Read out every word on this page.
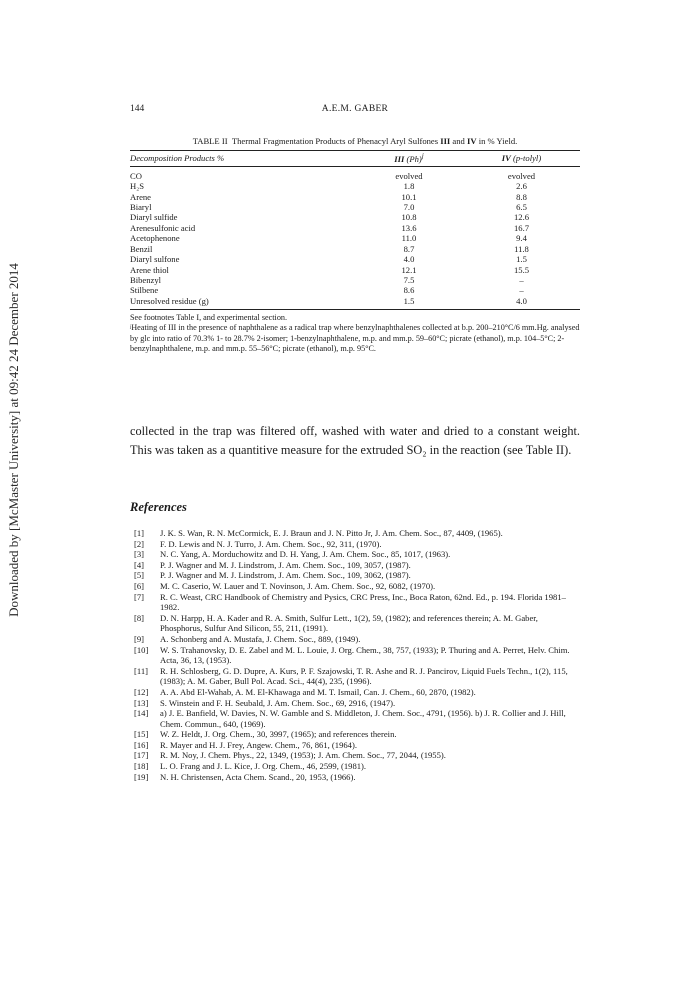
Downloaded by [McMaster University] at 09:42 24 December 2014
144	A.E.M. GABER
TABLE II Thermal Fragmentation Products of Phenacyl Aryl Sulfones III and IV in % Yield.
Decomposition Products %	III $(Ph)^j$	IV (p-tolyl)
CO	evolved	evolved
H₂S	1.8	2.6
Arene	10.1	8.8
Biaryl	7.0	6.5
Diaryl sulfide	10.8	12.6
Arenesulfonic acid	13.6	16.7
Acetophenone	11.0	9.4
Benzil	8.7	11.8
Diaryl sulfone	4.0	1.5
Arene thiol	12.1	15.5
Bibenzyl	7.5	–
Stilbene	8.6	–
Unresolved residue (g)	1.5	4.0

See footnotes Table I, and experimental section.

ʲHeating of III in the presence of naphthalene as a radical trap where benzylnaphthalenes collected at b.p. 200–210°C/6 mm.Hg. analysed by glc into ratio of 70.3% 1- to 28.7% 2-isomer; 1-benzylnaphthalene, m.p. and mm.p. 59–60°C; picrate (ethanol), m.p. 104–5°C; 2-benzylnaphthalene, m.p. and mm.p. 55–56°C; picrate (ethanol), m.p. 95°C.

collected in the trap was filtered off, washed with water and dried to a constant weight. This was taken as a quantitive measure for the extruded SO₂ in the reaction (see Table II).

References
[1] J. K. S. Wan, R. N. McCormick, E. J. Braun and J. N. Pitto Jr, J. Am. Chem. Soc., 87, 4409, (1965).
[2] F. D. Lewis and N. J. Turro, J. Am. Chem. Soc., 92, 311, (1970).
[3] N. C. Yang, A. Morduchowitz and D. H. Yang, J. Am. Chem. Soc., 85, 1017, (1963).
[4] P. J. Wagner and M. J. Lindstrom, J. Am. Chem. Soc., 109, 3057, (1987).
[5] P. J. Wagner and M. J. Lindstrom, J. Am. Chem. Soc., 109, 3062, (1987).
[6] M. C. Caserio, W. Lauer and T. Novinson, J. Am. Chem. Soc., 92, 6082, (1970).
[7] R. C. Weast, CRC Handbook of Chemistry and Pysics, CRC Press, Inc., Boca Raton, 62nd. Ed., p. 194. Florida 1981–1982.
[8] D. N. Harpp, H. A. Kader and R. A. Smith, Sulfur Lett., 1(2), 59, (1982); and references therein; A. M. Gaber, Phosphorus, Sulfur And Silicon, 55, 211, (1991).
[9] A. Schonberg and A. Mustafa, J. Chem. Soc., 889, (1949).
[10] W. S. Trahanovsky, D. E. Zabel and M. L. Louie, J. Org. Chem., 38, 757, (1933); P. Thuring and A. Perret, Helv. Chim. Acta, 36, 13, (1953).
[11] R. H. Schlosberg, G. D. Dupre, A. Kurs, P. F. Szajowski, T. R. Ashe and R. J. Pancirov, Liquid Fuels Techn., 1(2), 115, (1983); A. M. Gaber, Bull Pol. Acad. Sci., 44(4), 235, (1996).
[12] A. A. Abd El-Wahab, A. M. El-Khawaga and M. T. Ismail, Can. J. Chem., 60, 2870, (1982).
[13] S. Winstein and F. H. Seubald, J. Am. Chem. Soc., 69, 2916, (1947).
[14] a) J. E. Banfield, W. Davies, N. W. Gamble and S. Middleton, J. Chem. Soc., 4791, (1956). b) J. R. Collier and J. Hill, Chem. Commun., 640, (1969).
[15] W. Z. Heldt, J. Org. Chem., 30, 3997, (1965); and references therein.
[16] R. Mayer and H. J. Frey, Angew. Chem., 76, 861, (1964).
[17] R. M. Noy, J. Chem. Phys., 22, 1349, (1953); J. Am. Chem. Soc., 77, 2044, (1955).
[18] L. O. Frang and J. L. Kice, J. Org. Chem., 46, 2599, (1981).
[19] N. H. Christensen, Acta Chem. Scand., 20, 1953, (1966).
